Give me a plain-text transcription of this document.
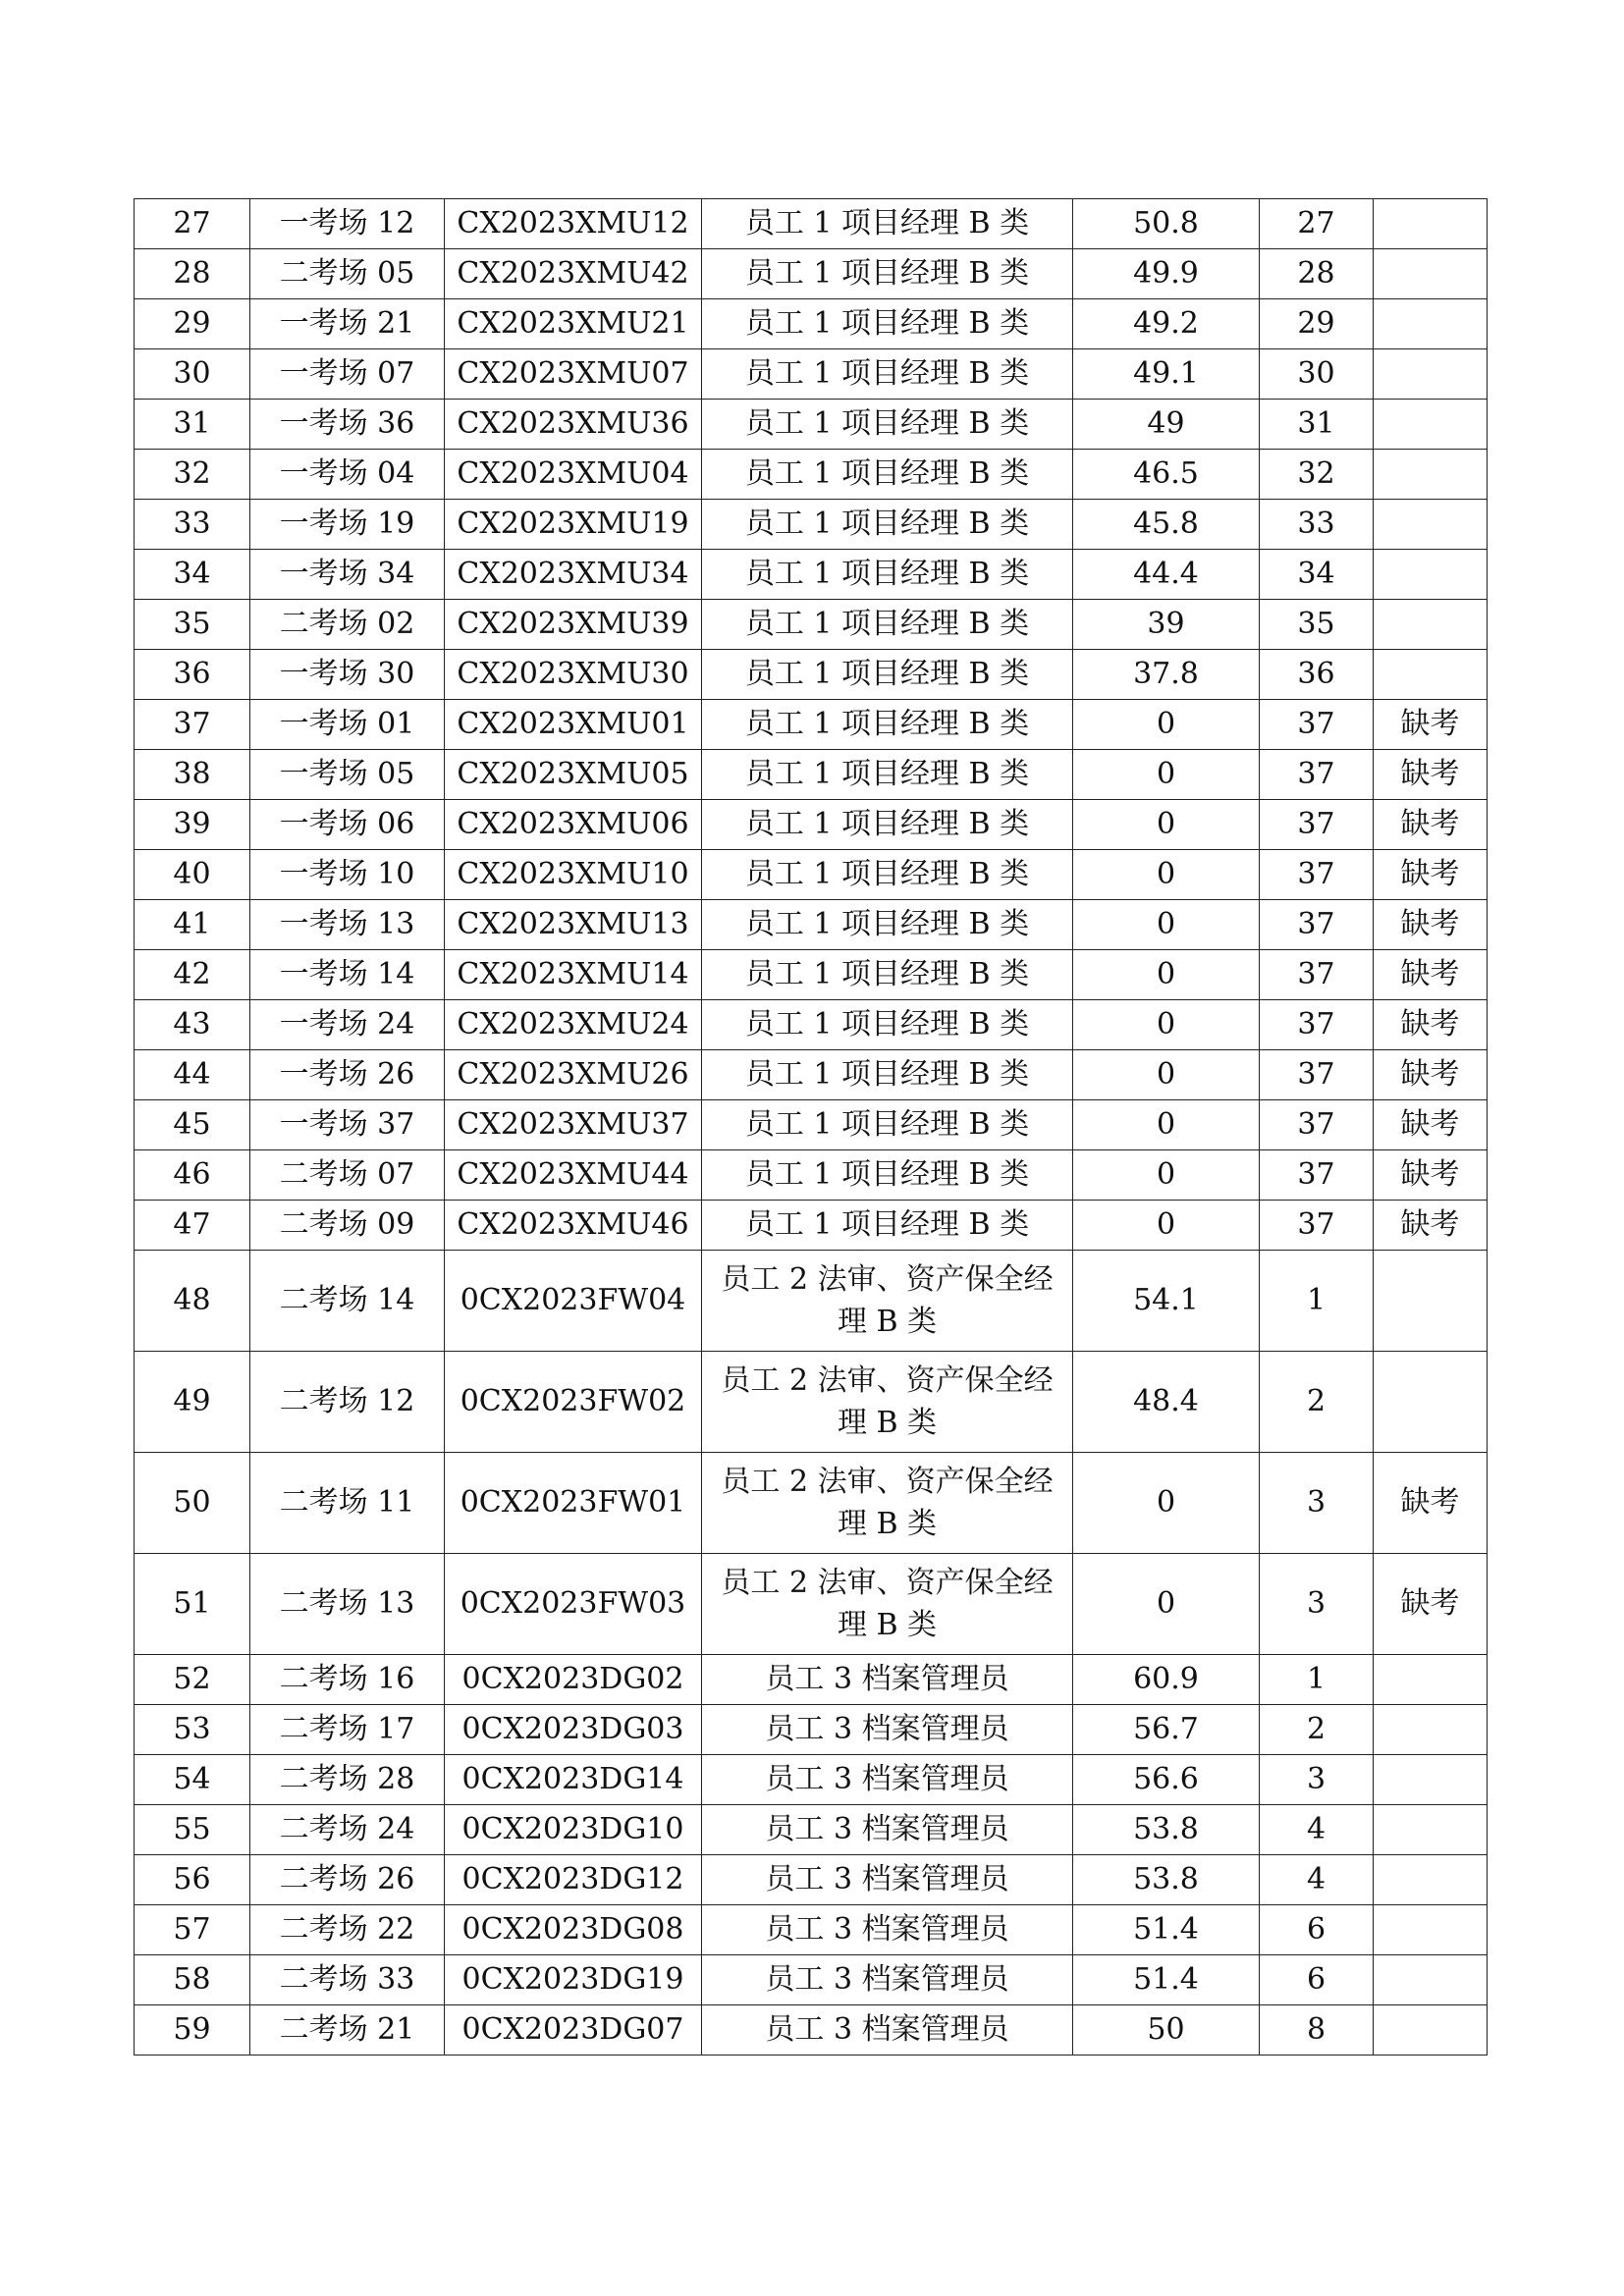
27	一考场 12	CX2023XMU12	员工 1 项目经理 B 类	50.8	27	
28	二考场 05	CX2023XMU42	员工 1 项目经理 B 类	49.9	28	
29	一考场 21	CX2023XMU21	员工 1 项目经理 B 类	49.2	29	
30	一考场 07	CX2023XMU07	员工 1 项目经理 B 类	49.1	30	
31	一考场 36	CX2023XMU36	员工 1 项目经理 B 类	49	31	
32	一考场 04	CX2023XMU04	员工 1 项目经理 B 类	46.5	32	
33	一考场 19	CX2023XMU19	员工 1 项目经理 B 类	45.8	33	
34	一考场 34	CX2023XMU34	员工 1 项目经理 B 类	44.4	34	
35	二考场 02	CX2023XMU39	员工 1 项目经理 B 类	39	35	
36	一考场 30	CX2023XMU30	员工 1 项目经理 B 类	37.8	36	
37	一考场 01	CX2023XMU01	员工 1 项目经理 B 类	0	37	缺考
38	一考场 05	CX2023XMU05	员工 1 项目经理 B 类	0	37	缺考
39	一考场 06	CX2023XMU06	员工 1 项目经理 B 类	0	37	缺考
40	一考场 10	CX2023XMU10	员工 1 项目经理 B 类	0	37	缺考
41	一考场 13	CX2023XMU13	员工 1 项目经理 B 类	0	37	缺考
42	一考场 14	CX2023XMU14	员工 1 项目经理 B 类	0	37	缺考
43	一考场 24	CX2023XMU24	员工 1 项目经理 B 类	0	37	缺考
44	一考场 26	CX2023XMU26	员工 1 项目经理 B 类	0	37	缺考
45	一考场 37	CX2023XMU37	员工 1 项目经理 B 类	0	37	缺考
46	二考场 07	CX2023XMU44	员工 1 项目经理 B 类	0	37	缺考
47	二考场 09	CX2023XMU46	员工 1 项目经理 B 类	0	37	缺考
48	二考场 14	0CX2023FW04	员工 2 法审、资产保全经理 B 类	54.1	1	
49	二考场 12	0CX2023FW02	员工 2 法审、资产保全经理 B 类	48.4	2	
50	二考场 11	0CX2023FW01	员工 2 法审、资产保全经理 B 类	0	3	缺考
51	二考场 13	0CX2023FW03	员工 2 法审、资产保全经理 B 类	0	3	缺考
52	二考场 16	0CX2023DG02	员工 3 档案管理员	60.9	1	
53	二考场 17	0CX2023DG03	员工 3 档案管理员	56.7	2	
54	二考场 28	0CX2023DG14	员工 3 档案管理员	56.6	3	
55	二考场 24	0CX2023DG10	员工 3 档案管理员	53.8	4	
56	二考场 26	0CX2023DG12	员工 3 档案管理员	53.8	4	
57	二考场 22	0CX2023DG08	员工 3 档案管理员	51.4	6	
58	二考场 33	0CX2023DG19	员工 3 档案管理员	51.4	6	
59	二考场 21	0CX2023DG07	员工 3 档案管理员	50	8	
